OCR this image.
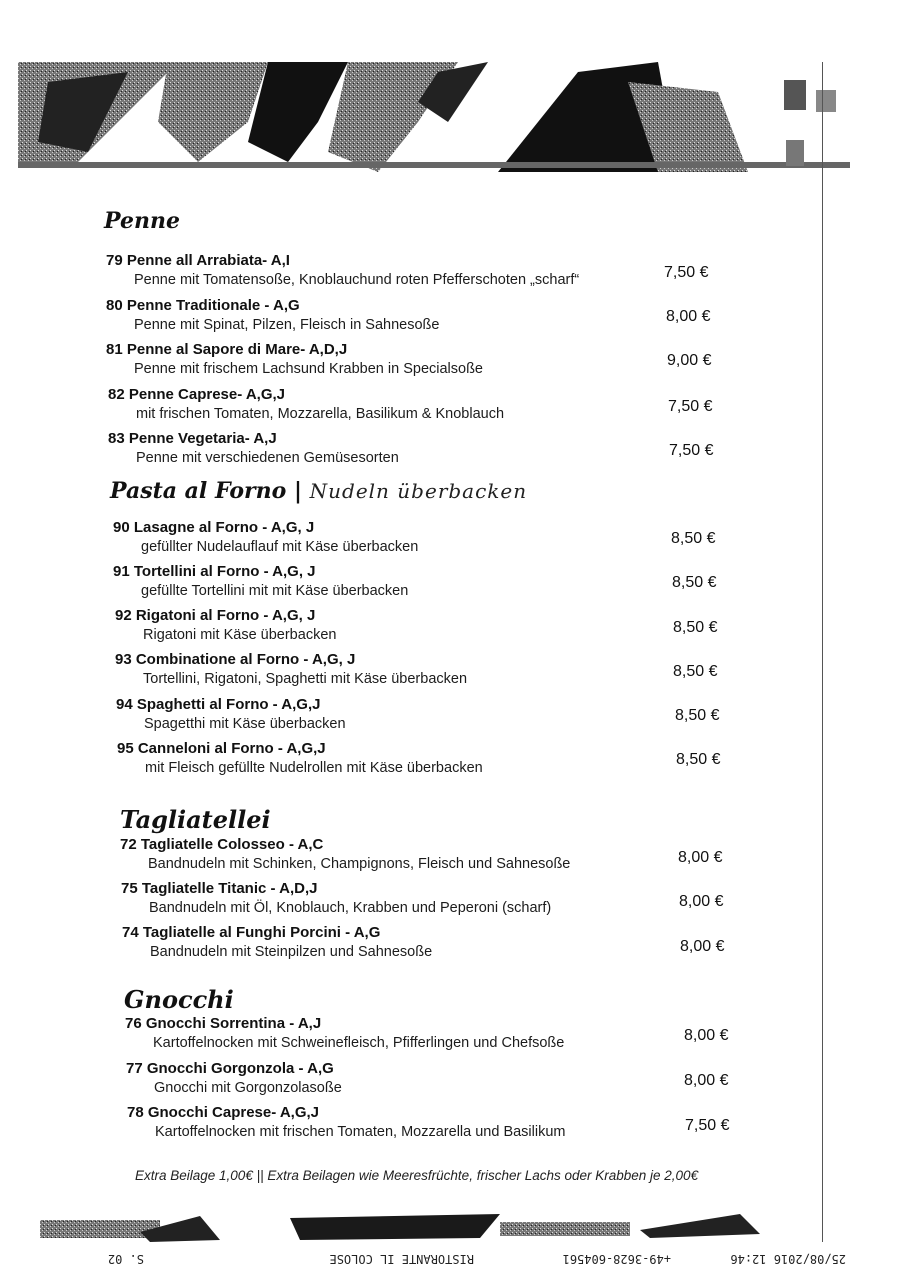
Penne
79 Penne all Arrabiata- A,I
Penne mit Tomatensoße, Knoblauchund roten Pfefferschoten „scharf“	7,50 €
80 Penne Traditionale - A,G
Penne mit Spinat, Pilzen, Fleisch in Sahnesoße	8,00 €
81 Penne al Sapore di Mare- A,D,J
Penne mit frischem Lachsund Krabben in Specialsoße	9,00 €
82 Penne Caprese- A,G,J
mit frischen Tomaten, Mozzarella, Basilikum & Knoblauch	7,50 €
83 Penne Vegetaria- A,J
Penne mit verschiedenen Gemüsesorten	7,50 €
Pasta al Forno | Nudeln überbacken
90 Lasagne al Forno - A,G, J
gefüllter Nudelauflauf mit Käse überbacken	8,50 €
91 Tortellini al Forno - A,G, J
gefüllte Tortellini mit mit Käse überbacken	8,50 €
92 Rigatoni al Forno - A,G, J
Rigatoni mit Käse überbacken	8,50 €
93 Combinatione al Forno - A,G, J
Tortellini, Rigatoni, Spaghetti mit Käse überbacken	8,50 €
94 Spaghetti al Forno - A,G,J
Spagetthi mit Käse überbacken	8,50 €
95 Canneloni al Forno - A,G,J
mit Fleisch gefüllte Nudelrollen mit Käse überbacken	8,50 €
Tagliatellei
72 Tagliatelle Colosseo - A,C
Bandnudeln mit Schinken, Champignons, Fleisch und Sahnesoße	8,00 €
75 Tagliatelle Titanic - A,D,J
Bandnudeln mit Öl, Knoblauch, Krabben und Peperoni (scharf)	8,00 €
74 Tagliatelle al Funghi Porcini - A,G
Bandnudeln mit Steinpilzen und Sahnesoße	8,00 €
Gnocchi
76 Gnocchi Sorrentina - A,J
Kartoffelnocken mit Schweinefleisch, Pfifferlingen und Chefsoße	8,00 €
77 Gnocchi Gorgonzola - A,G
Gnocchi mit Gorgonzolasoße	8,00 €
78 Gnocchi Caprese- A,G,J
Kartoffelnocken mit frischen Tomaten, Mozzarella und Basilikum	7,50 €
Extra Beilage 1,00€ || Extra Beilagen wie Meeresfrüchte, frischer Lachs oder Krabben je 2,00€
25/08/2016 12:46
+49-3628-604561
RISTORANTE IL COLOSE
S. 02
